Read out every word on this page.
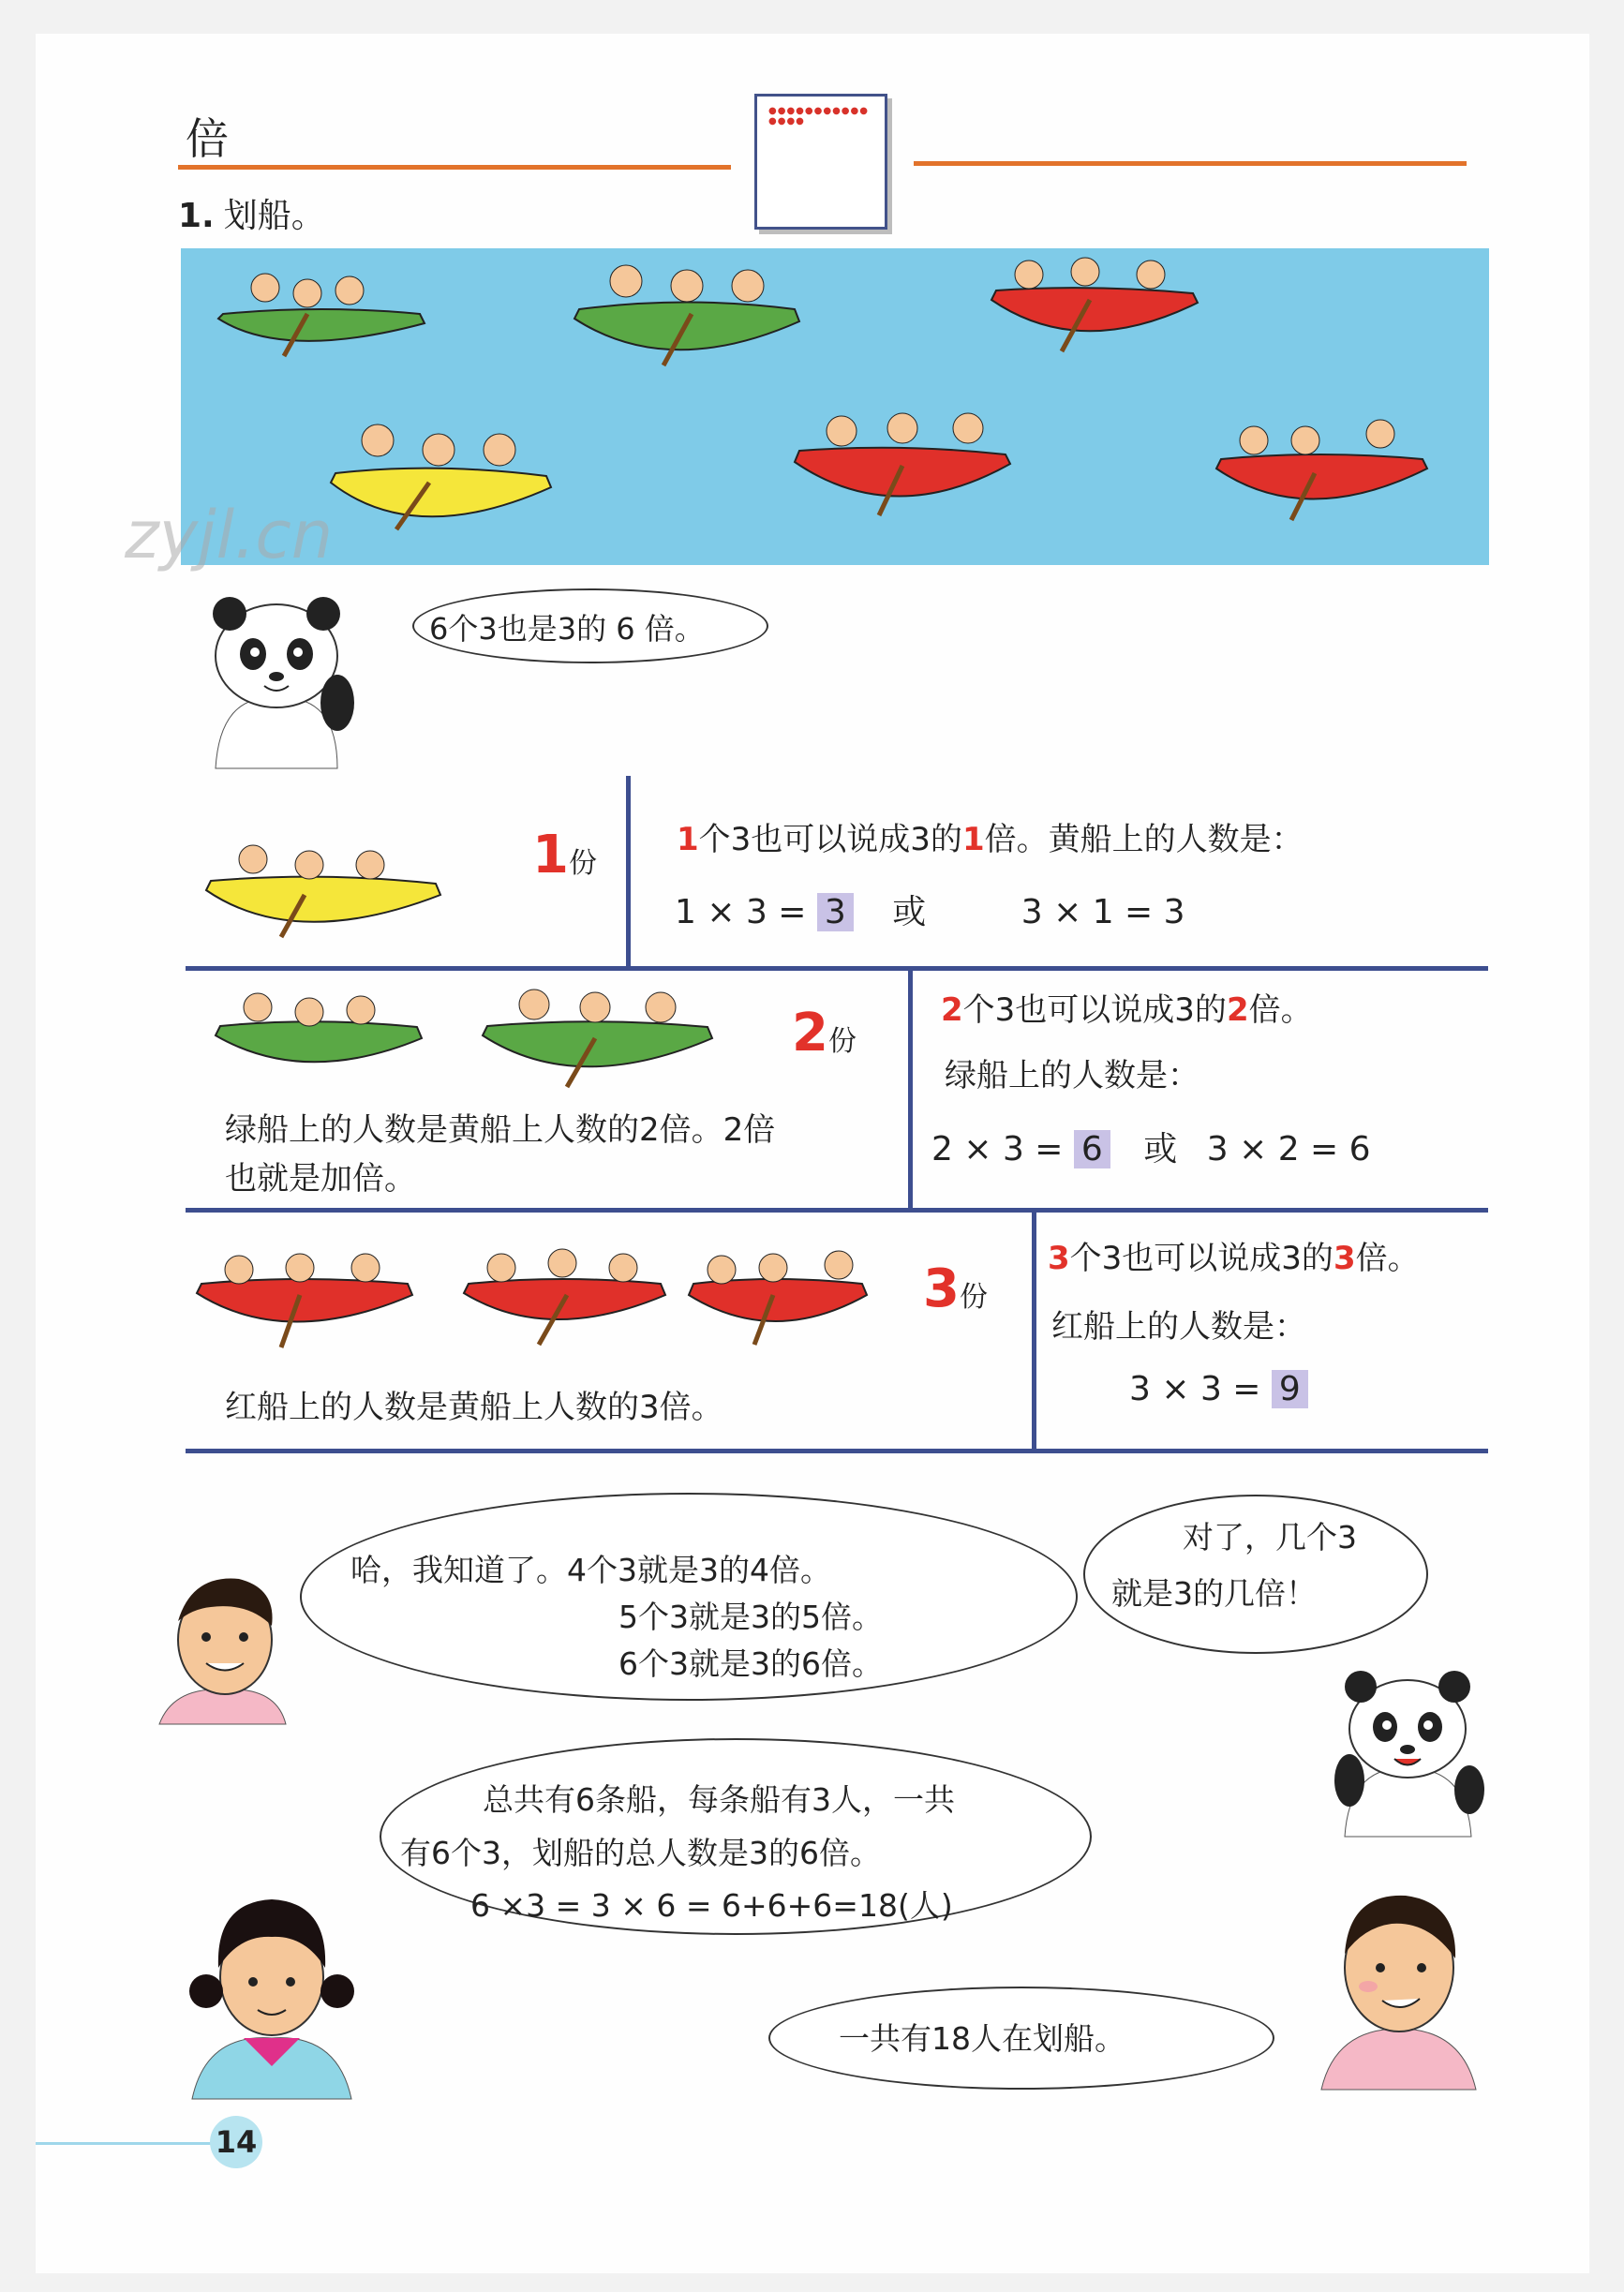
倍
●●●●●●●●●●●
●●●●
1. 划船。
zyjl.cn
6个3也是3的 6 倍。
1份
1个3也可以说成3的1倍。黄船上的人数是：
1 × 3 = 3 或	3 × 1 = 3
2份
绿船上的人数是黄船上人数的2倍。2倍
也就是加倍。
2个3也可以说成3的2倍。
绿船上的人数是：
2 × 3 = 6 或 3 × 2 = 6
3份
红船上的人数是黄船上人数的3倍。
3个3也可以说成3的3倍。
红船上的人数是：
3 × 3 = 9
哈，我知道了。4个3就是3的4倍。
5个3就是3的5倍。
6个3就是3的6倍。
对了，几个3
就是3的几倍！
总共有6条船，每条船有3人，一共
有6个3，划船的总人数是3的6倍。
6 ×3 = 3 × 6 = 6+6+6=18(人)
一共有18人在划船。
14
